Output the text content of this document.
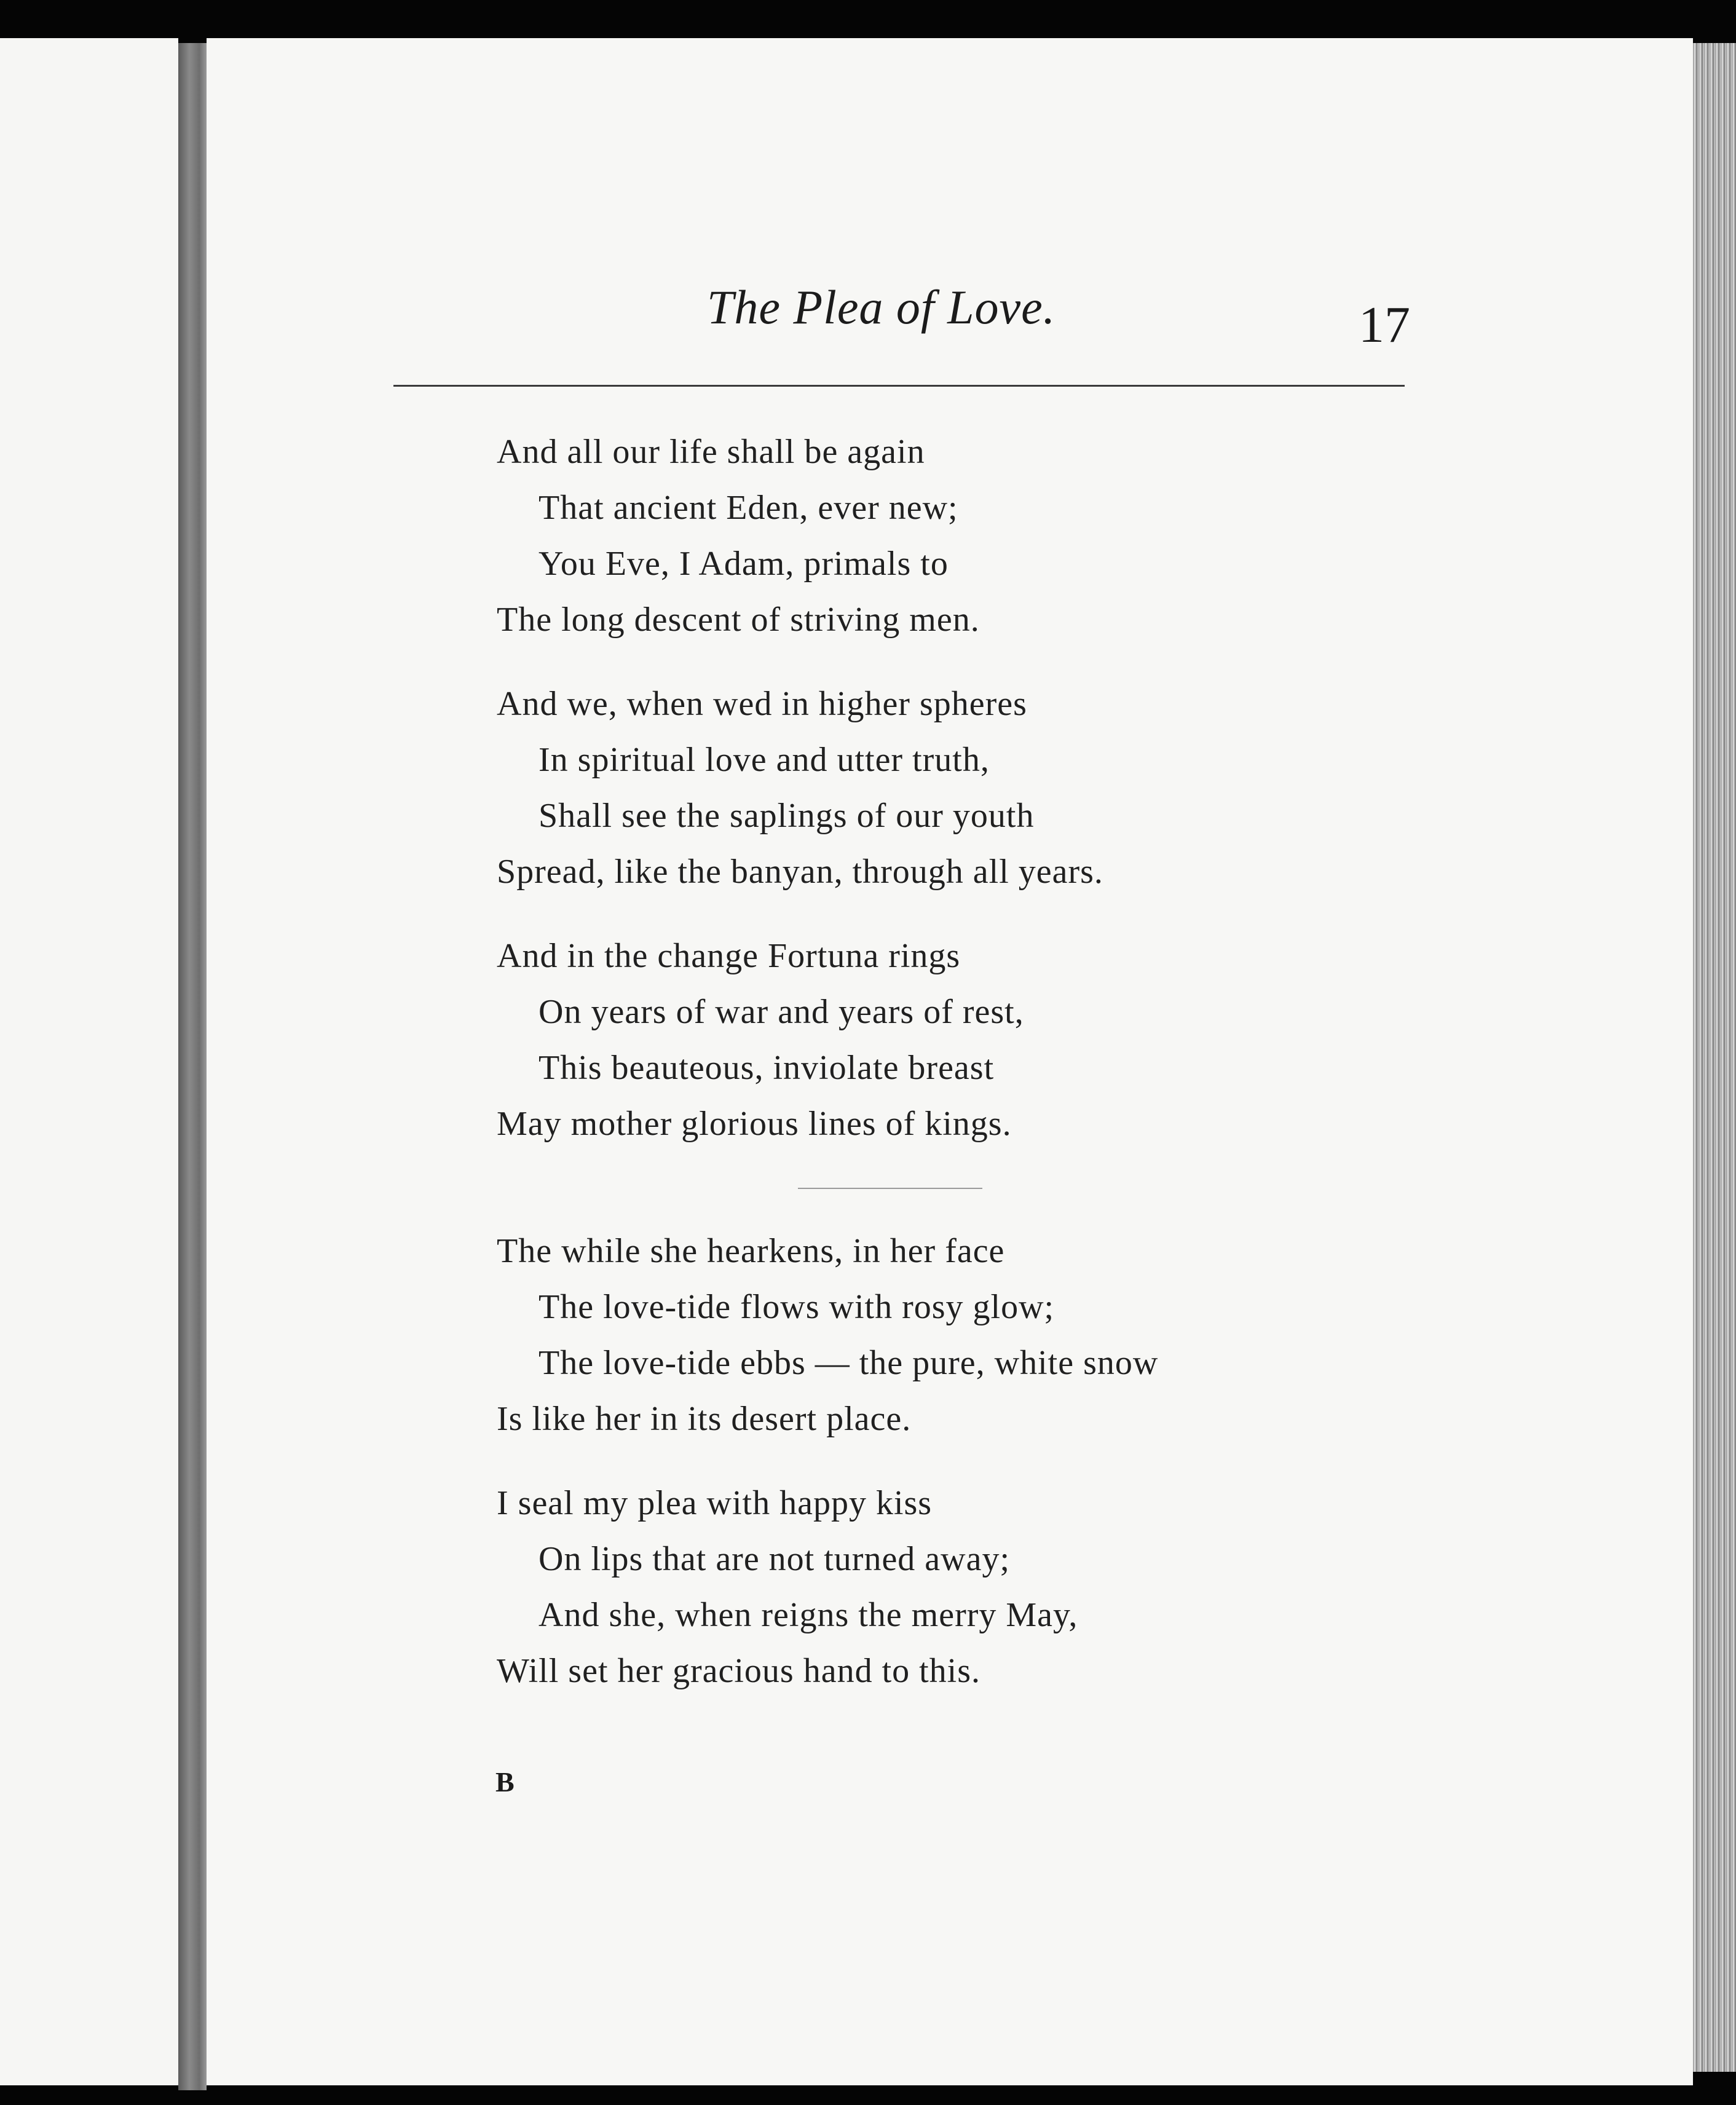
The Plea of Love.	17
And all our life shall be again
That ancient Eden, ever new;
You Eve, I Adam, primals to
The long descent of striving men.
And we, when wed in higher spheres
In spiritual love and utter truth,
Shall see the saplings of our youth
Spread, like the banyan, through all years.
And in the change Fortuna rings
On years of war and years of rest,
This beauteous, inviolate breast
May mother glorious lines of kings.
The while she hearkens, in her face
The love-tide flows with rosy glow;
The love-tide ebbs — the pure, white snow
Is like her in its desert place.
I seal my plea with happy kiss
On lips that are not turned away;
And she, when reigns the merry May,
Will set her gracious hand to this.
B
